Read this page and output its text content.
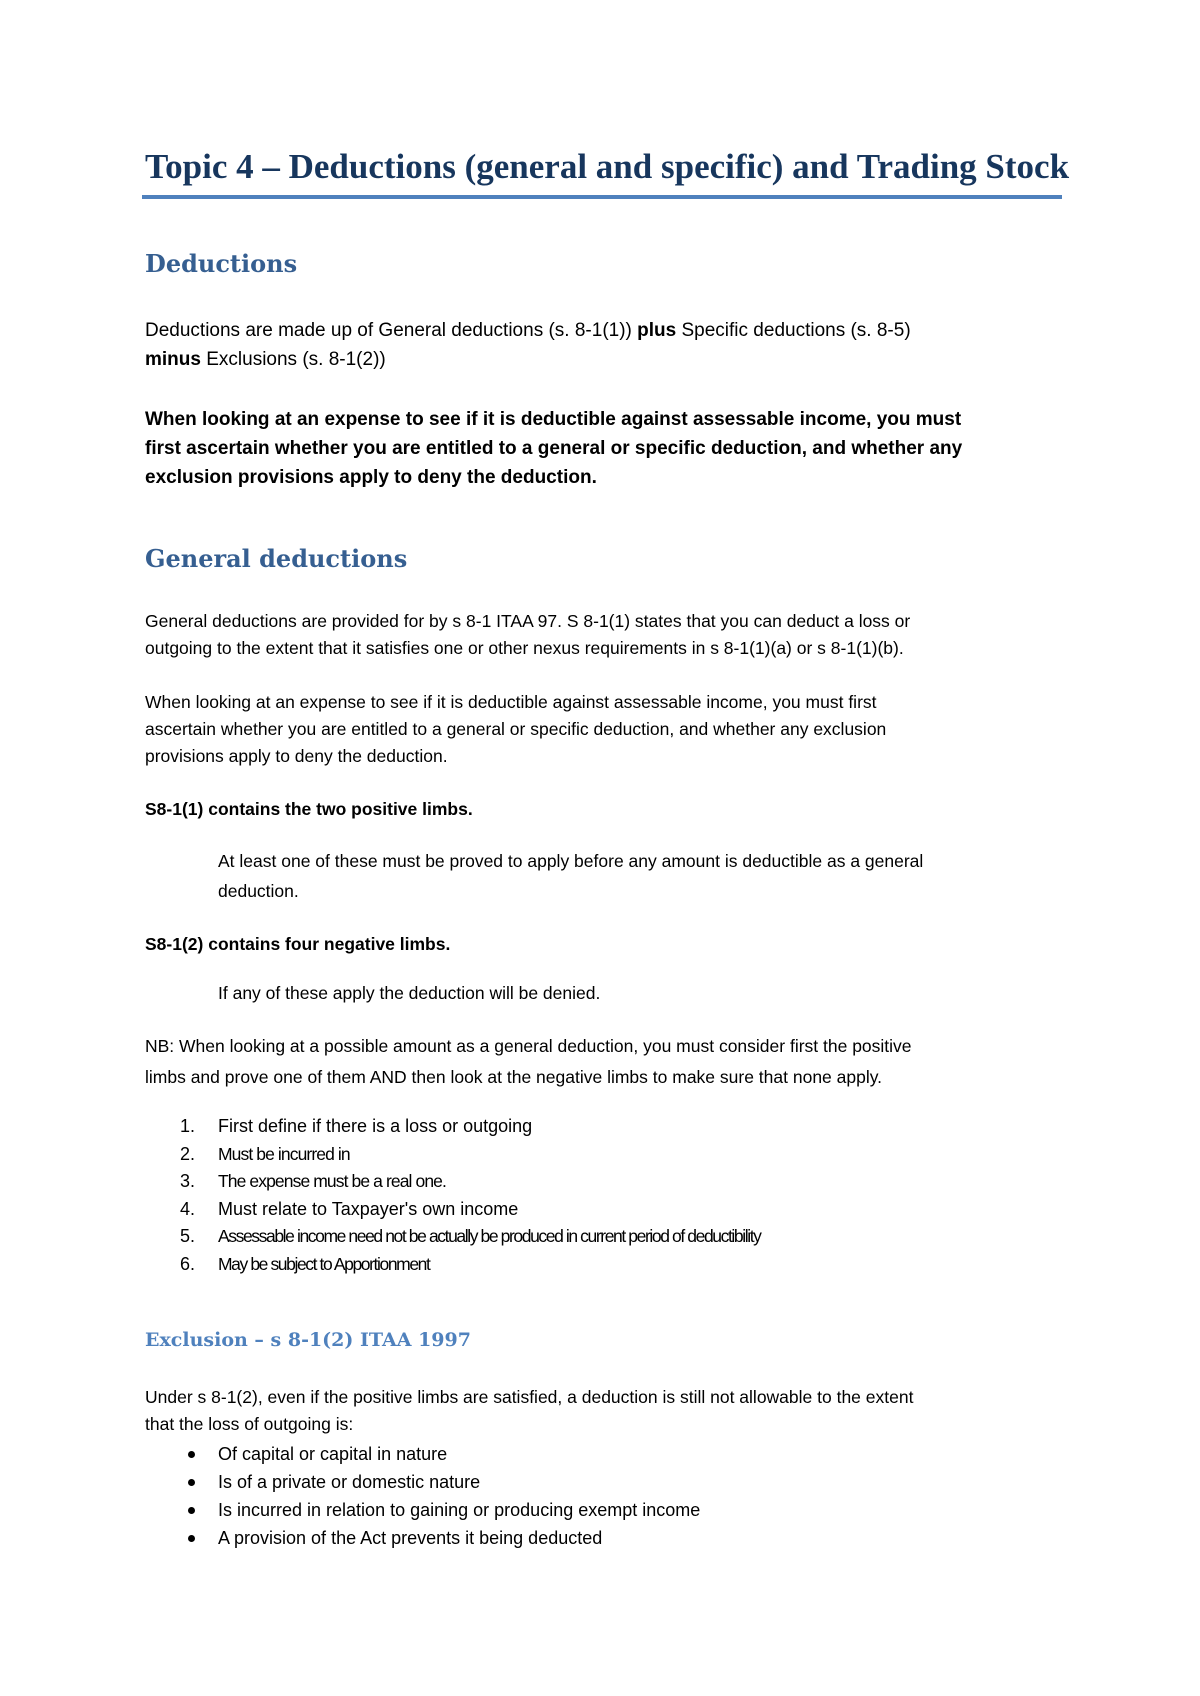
Topic 4 – Deductions (general and specific) and Trading Stock
Deductions

Deductions are made up of General deductions (s. 8-1(1)) plus Specific deductions (s. 8-5)
minus Exclusions (s. 8-1(2))

When looking at an expense to see if it is deductible against assessable income, you must
first ascertain whether you are entitled to a general or specific deduction, and whether any
exclusion provisions apply to deny the deduction.

General deductions

General deductions are provided for by s 8-1 ITAA 97. S 8-1(1) states that you can deduct a loss or
outgoing to the extent that it satisfies one or other nexus requirements in s 8-1(1)(a) or s 8-1(1)(b).

When looking at an expense to see if it is deductible against assessable income, you must first
ascertain whether you are entitled to a general or specific deduction, and whether any exclusion
provisions apply to deny the deduction.

S8-1(1) contains the two positive limbs.

At least one of these must be proved to apply before any amount is deductible as a general
deduction.

S8-1(2) contains four negative limbs.

If any of these apply the deduction will be denied.

NB: When looking at a possible amount as a general deduction, you must consider first the positive
limbs and prove one of them AND then look at the negative limbs to make sure that none apply.

1.	First define if there is a loss or outgoing
2.	Must be incurred in
3.	The expense must be a real one.
4.	Must relate to Taxpayer's own income
5.	Assessable income need not be actually be produced in current period of deductibility
6.	May be subject to Apportionment
Exclusion – s 8-1(2) ITAA 1997

Under s 8-1(2), even if the positive limbs are satisfied, a deduction is still not allowable to the extent
that the loss of outgoing is:

Of capital or capital in nature
Is of a private or domestic nature
Is incurred in relation to gaining or producing exempt income
A provision of the Act prevents it being deducted
